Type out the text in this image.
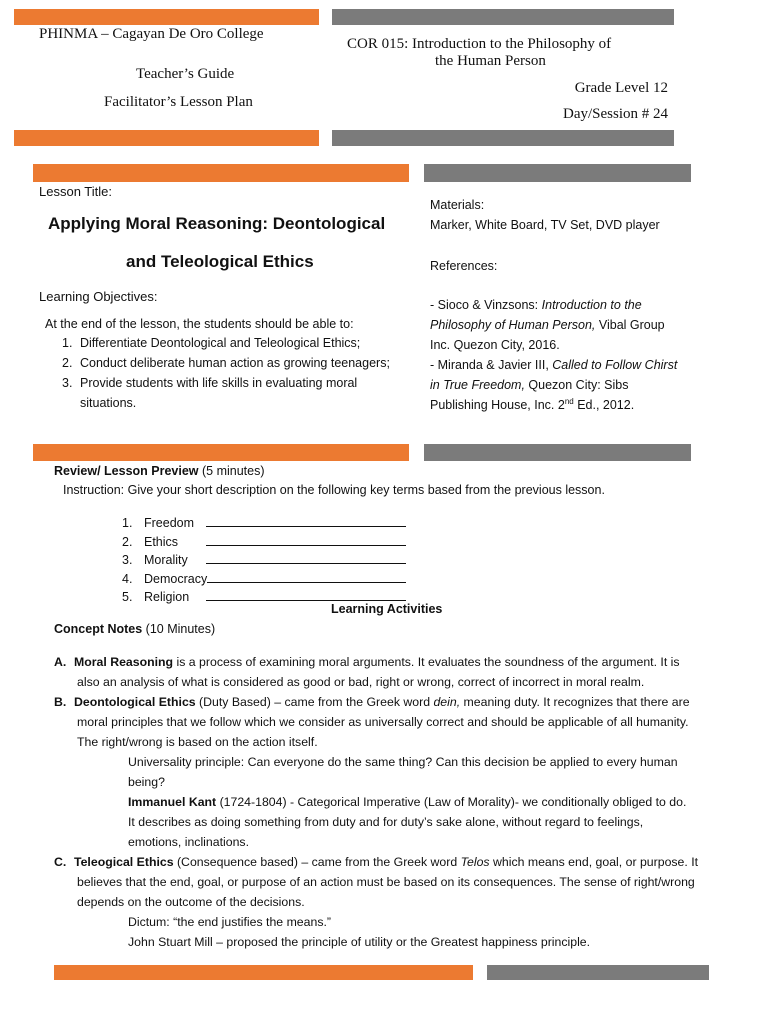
PHINMA – Cagayan De Oro College
Teacher’s Guide
Facilitator’s Lesson Plan
COR 015: Introduction to the Philosophy of
the Human Person
Grade Level 12
Day/Session # 24
Lesson Title:
Applying Moral Reasoning: Deontological
and Teleological Ethics
Learning Objectives:
At the end of the lesson, the students should be able to:
1. Differentiate Deontological and Teleological Ethics;
2. Conduct deliberate human action as growing teenagers;
3. Provide students with life skills in evaluating moral
situations.
Materials:
Marker, White Board, TV Set, DVD player
References:
- Sioco & Vinzsons: Introduction to the
Philosophy of Human Person, Vibal Group
Inc. Quezon City, 2016.
- Miranda & Javier III, Called to Follow Chirst
in True Freedom, Quezon City: Sibs
Publishing House, Inc. 2nd Ed., 2012.
Review/ Lesson Preview (5 minutes)
Instruction: Give your short description on the following key terms based from the previous lesson.
1. Freedom
2. Ethics
3. Morality
4. Democracy
5. Religion
Learning Activities
Concept Notes (10 Minutes)
A. Moral Reasoning is a process of examining moral arguments. It evaluates the soundness of the argument. It is
also an analysis of what is considered as good or bad, right or wrong, correct of incorrect in moral realm.
B. Deontological Ethics (Duty Based) – came from the Greek word dein, meaning duty. It recognizes that there are
moral principles that we follow which we consider as universally correct and should be applicable of all humanity.
The right/wrong is based on the action itself.
Universality principle: Can everyone do the same thing? Can this decision be applied to every human
being?
Immanuel Kant (1724-1804) - Categorical Imperative (Law of Morality)- we conditionally obliged to do.
It describes as doing something from duty and for duty’s sake alone, without regard to feelings,
emotions, inclinations.
C. Teleogical Ethics (Consequence based) – came from the Greek word Telos which means end, goal, or purpose. It
believes that the end, goal, or purpose of an action must be based on its consequences. The sense of right/wrong
depends on the outcome of the decisions.
Dictum: “the end justifies the means.”
John Stuart Mill – proposed the principle of utility or the Greatest happiness principle.
